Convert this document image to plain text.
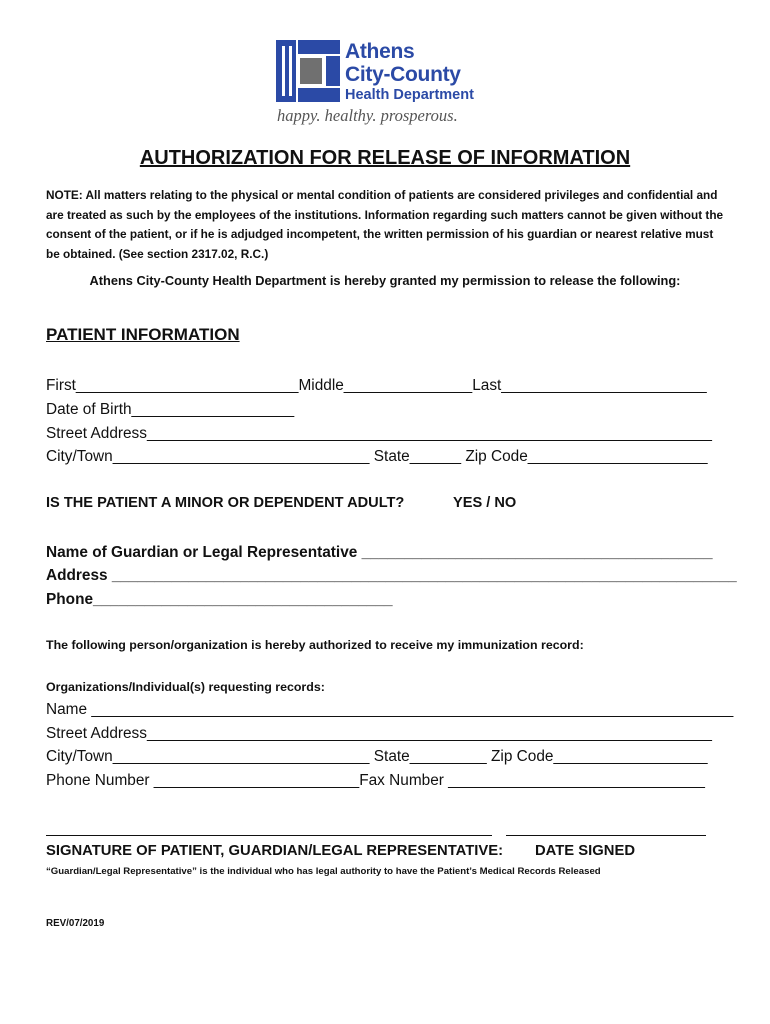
Athens
City-County
Health Department
happy. healthy. prosperous.
AUTHORIZATION FOR RELEASE OF INFORMATION
NOTE: All matters relating to the physical or mental condition of patients are considered privileges and confidential and are treated as such by the employees of the institutions. Information regarding such matters cannot be given without the consent of the patient, or if he is adjudged incompetent, the written permission of his guardian or nearest relative must be obtained. (See section 2317.02, R.C.)
Athens City-County Health Department is hereby granted my permission to release the following:
PATIENT INFORMATION
First__________________________Middle_______________Last________________________
Date of Birth___________________
Street Address__________________________________________________________________
City/Town______________________________ State______ Zip Code_____________________
IS THE PATIENT A MINOR OR DEPENDENT ADULT?	YES / NO
Name of Guardian or Legal Representative _________________________________________
Address _________________________________________________________________________
Phone___________________________________
The following person/organization is hereby authorized to receive my immunization record:
Organizations/Individual(s) requesting records:
Name ___________________________________________________________________________
Street Address__________________________________________________________________
City/Town______________________________ State_________ Zip Code__________________
Phone Number ________________________Fax Number ______________________________
SIGNATURE OF PATIENT, GUARDIAN/LEGAL REPRESENTATIVE: DATE SIGNED
“Guardian/Legal Representative” is the individual who has legal authority to have the Patient’s Medical Records Released
REV/07/2019
